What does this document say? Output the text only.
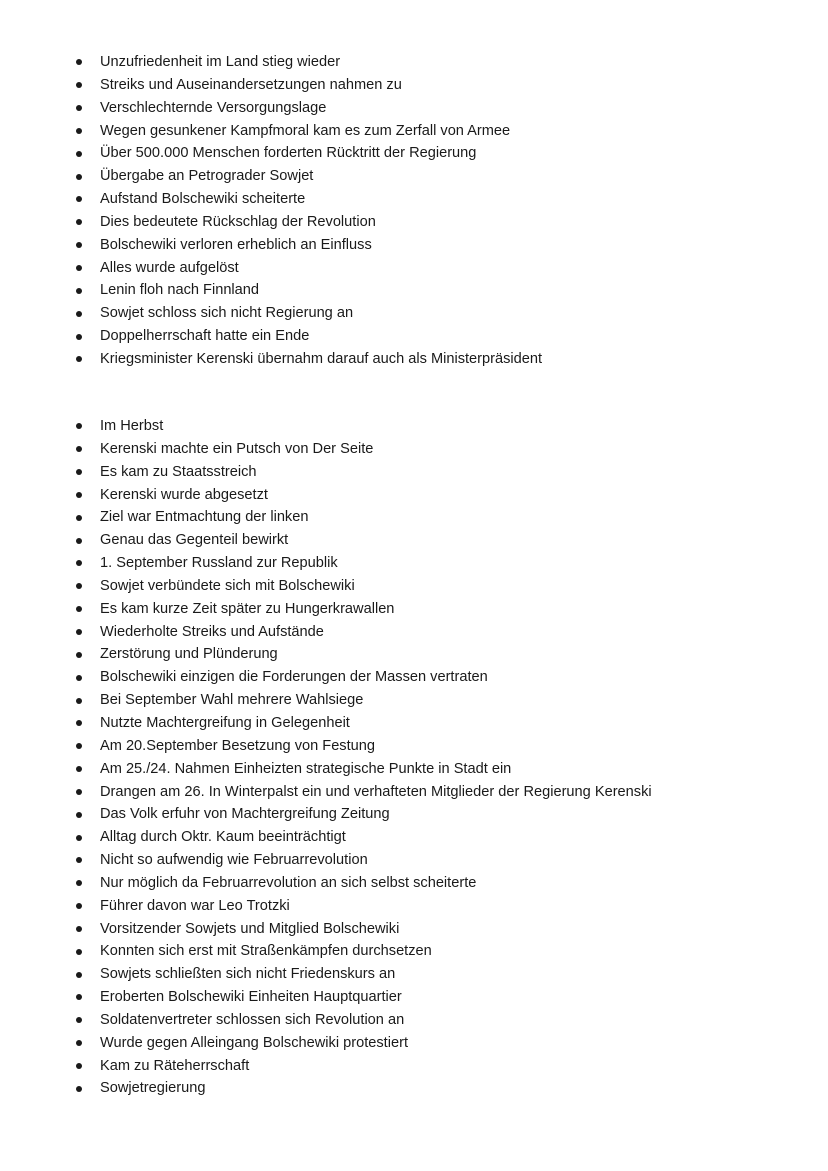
Unzufriedenheit im Land stieg wieder
Streiks und Auseinandersetzungen nahmen zu
Verschlechternde Versorgungslage
Wegen gesunkener Kampfmoral kam es zum Zerfall von Armee
Über 500.000 Menschen forderten Rücktritt der Regierung
Übergabe an Petrograder Sowjet
Aufstand Bolschewiki scheiterte
Dies bedeutete Rückschlag der Revolution
Bolschewiki verloren erheblich an Einfluss
Alles wurde aufgelöst
Lenin floh nach Finnland
Sowjet schloss sich nicht Regierung an
Doppelherrschaft hatte ein Ende
Kriegsminister Kerenski übernahm darauf auch als Ministerpräsident
Im Herbst
Kerenski machte ein Putsch von Der Seite
Es kam zu Staatsstreich
Kerenski wurde abgesetzt
Ziel war Entmachtung der linken
Genau das Gegenteil bewirkt
1. September Russland zur Republik
Sowjet verbündete sich mit Bolschewiki
Es kam kurze Zeit später zu Hungerkrawallen
Wiederholte Streiks und Aufstände
Zerstörung und Plünderung
Bolschewiki einzigen die Forderungen der Massen vertraten
Bei September Wahl mehrere Wahlsiege
Nutzte Machtergreifung in Gelegenheit
Am 20.September Besetzung von Festung
Am 25./24. Nahmen Einheizten strategische Punkte in Stadt ein
Drangen am 26. In Winterpalst ein und verhafteten Mitglieder der Regierung Kerenski
Das Volk erfuhr von Machtergreifung Zeitung
Alltag durch Oktr. Kaum beeinträchtigt
Nicht so aufwendig wie Februarrevolution
Nur möglich da Februarrevolution an sich selbst scheiterte
Führer davon war Leo Trotzki
Vorsitzender Sowjets und Mitglied Bolschewiki
Konnten sich erst mit Straßenkämpfen durchsetzen
Sowjets schließten sich nicht Friedenskurs an
Eroberten Bolschewiki Einheiten Hauptquartier
Soldatenvertreter schlossen sich Revolution an
Wurde gegen Alleingang Bolschewiki protestiert
Kam zu Räteherrschaft
Sowjetregierung
